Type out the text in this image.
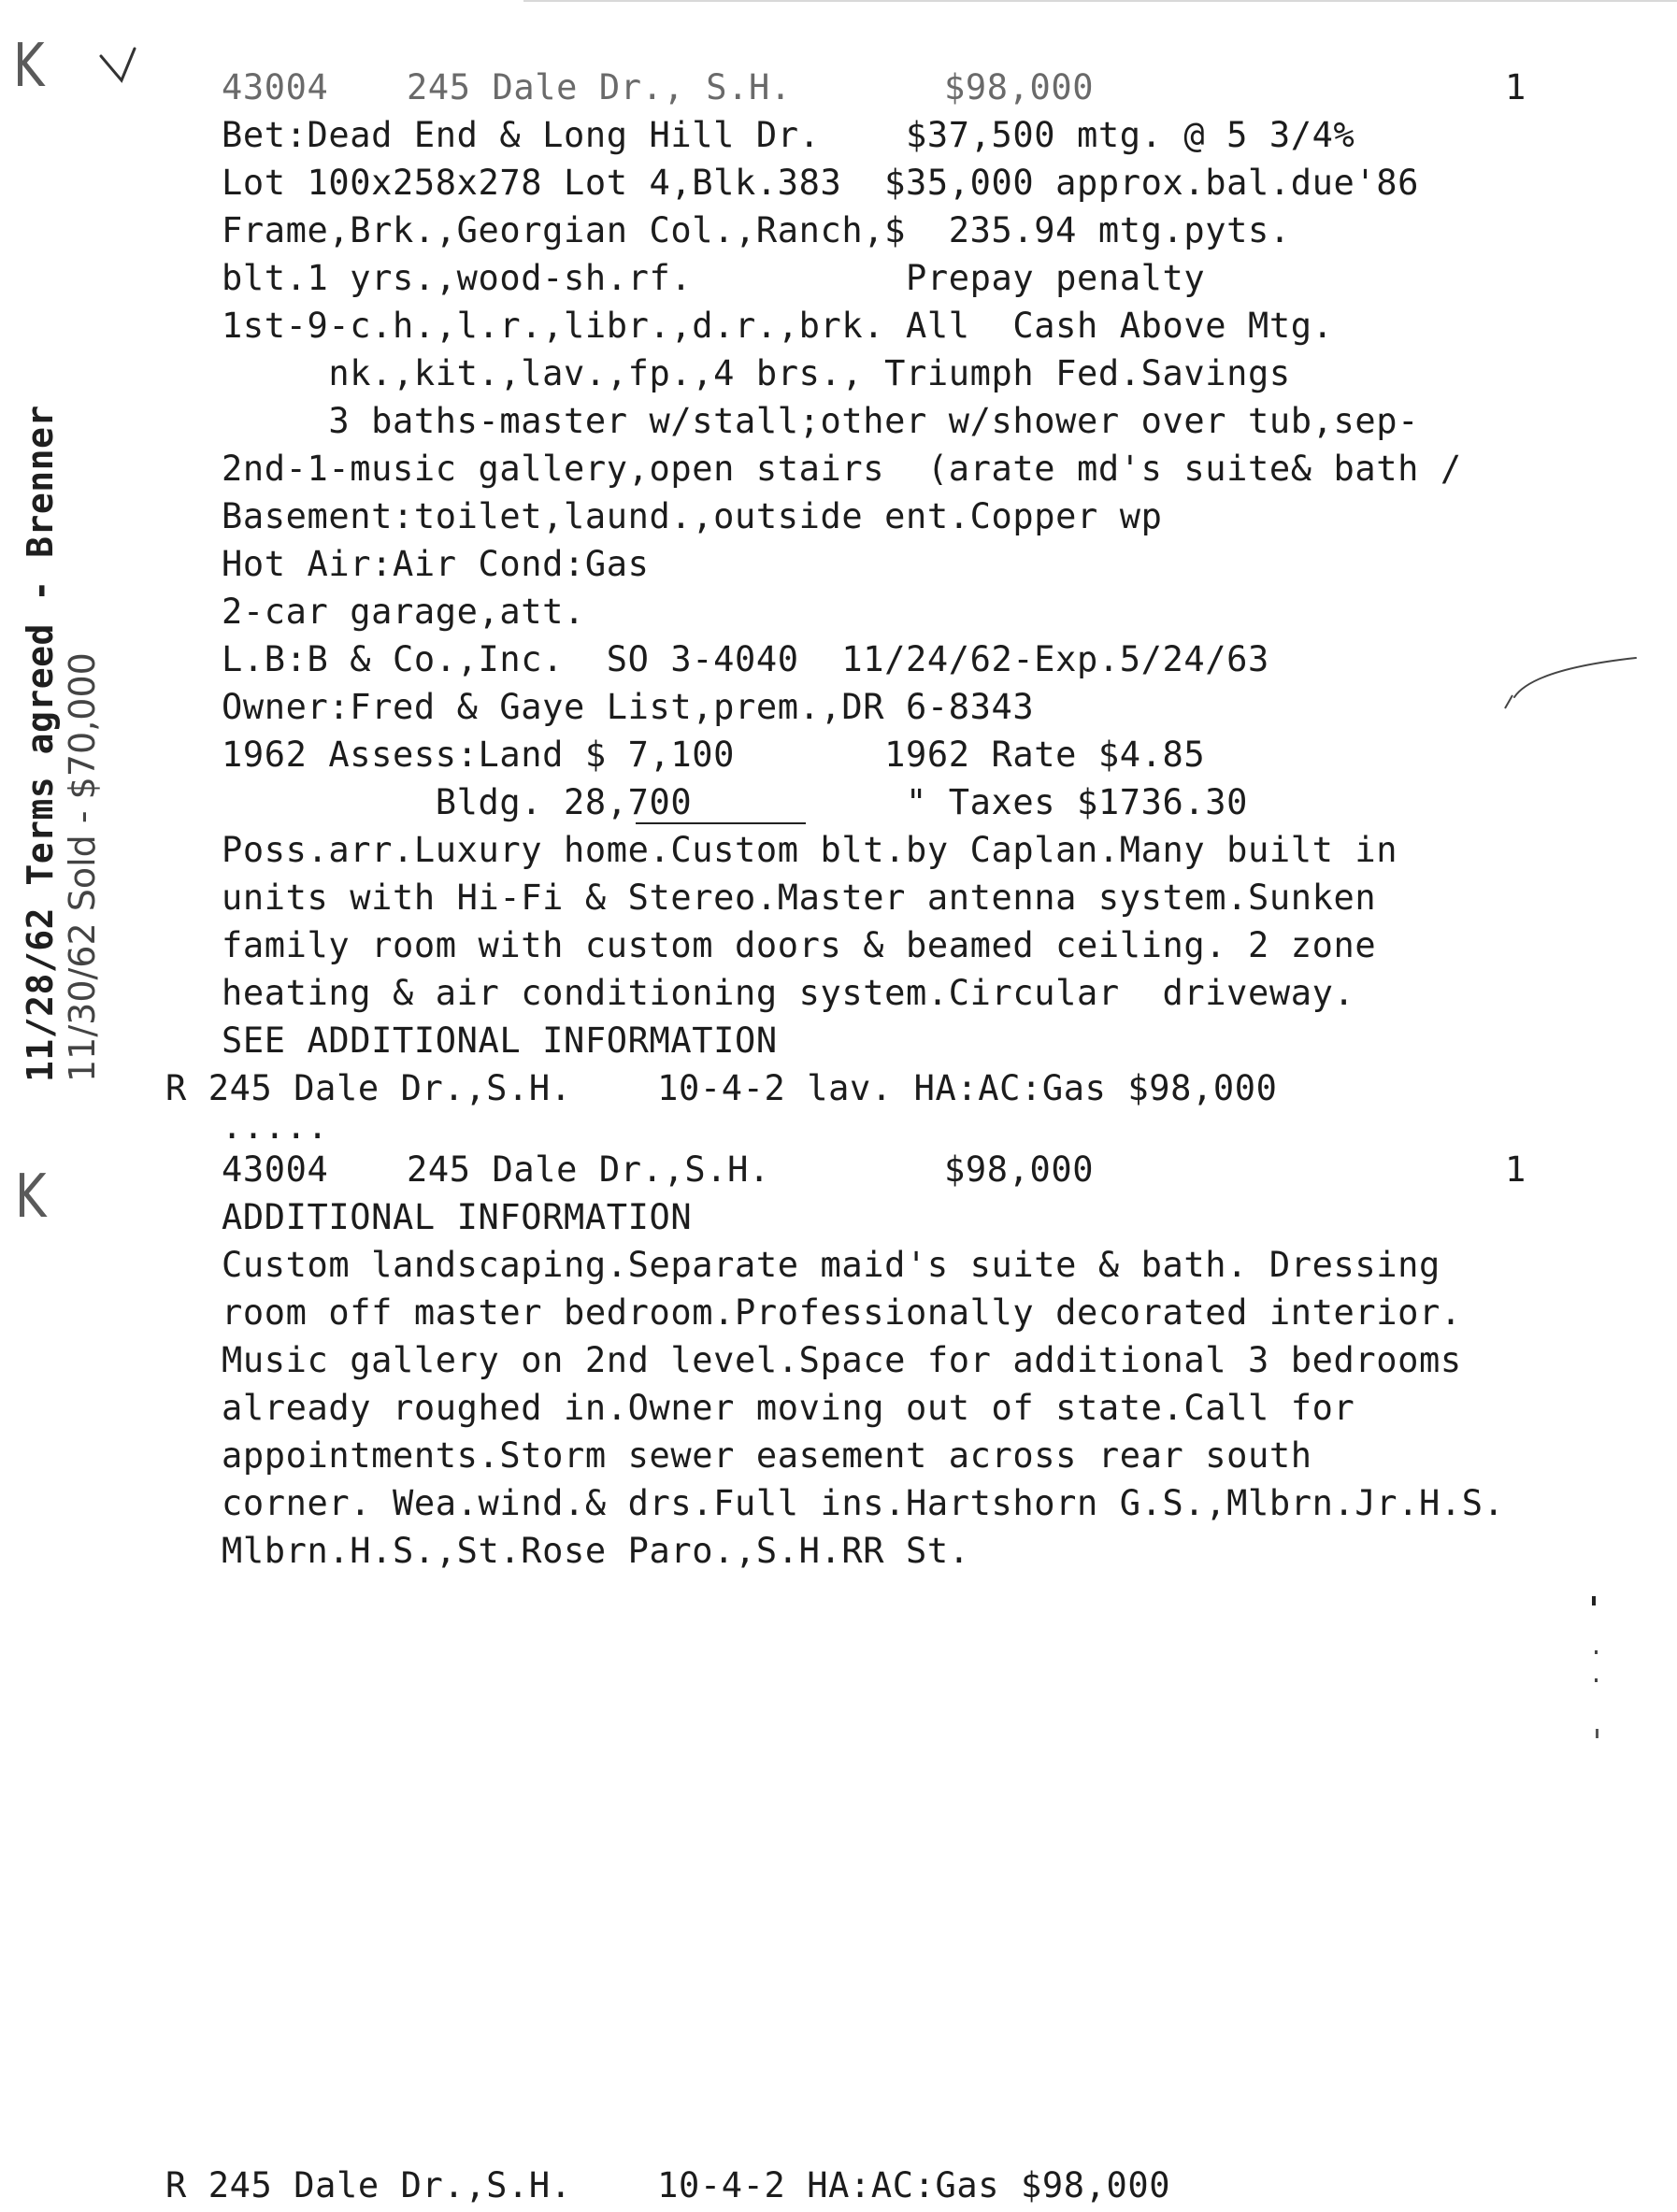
K
K
11/28/62 Terms agreed - Brenner 11/30/62 Sold - $70,000
43004 245 Dale Dr., S.H.	$98,000	1
Bet:Dead End & Long Hill Dr.    $37,500 mtg. @ 5 3/4%
Lot 100x258x278 Lot 4,Blk.383  $35,000 approx.bal.due'86
Frame,Brk.,Georgian Col.,Ranch,$  235.94 mtg.pyts.
blt.1 yrs.,wood-sh.rf.          Prepay penalty
1st-9-c.h.,l.r.,libr.,d.r.,brk. All  Cash Above Mtg.
nk.,kit.,lav.,fp.,4 brs., Triumph Fed.Savings
3 baths-master w/stall;other w/shower over tub,sep-
2nd-1-music gallery,open stairs  (arate md's suite& bath /
Basement:toilet,laund.,outside ent.Copper wp
Hot Air:Air Cond:Gas
2-car garage,att.
L.B:B & Co.,Inc.  SO 3-4040  11/24/62-Exp.5/24/63
Owner:Fred & Gaye List,prem.,DR 6-8343
1962 Assess:Land $ 7,100       1962 Rate $4.85
Bldg. 28,700          " Taxes $1736.30
Poss.arr.Luxury home.Custom blt.by Caplan.Many built in
units with Hi-Fi & Stereo.Master antenna system.Sunken
family room with custom doors & beamed ceiling. 2 zone
heating & air conditioning system.Circular  driveway.
SEE ADDITIONAL INFORMATION
R 245 Dale Dr.,S.H.    10-4-2 lav. HA:AC:Gas $98,000
.....
43004 245 Dale Dr.,S.H.	$98,000	1
ADDITIONAL INFORMATION
Custom landscaping.Separate maid's suite & bath. Dressing
room off master bedroom.Professionally decorated interior.
Music gallery on 2nd level.Space for additional 3 bedrooms
already roughed in.Owner moving out of state.Call for
appointments.Storm sewer easement across rear south
corner. Wea.wind.& drs.Full ins.Hartshorn G.S.,Mlbrn.Jr.H.S.
Mlbrn.H.S.,St.Rose Paro.,S.H.RR St.
R 245 Dale Dr.,S.H.    10-4-2 HA:AC:Gas $98,000
